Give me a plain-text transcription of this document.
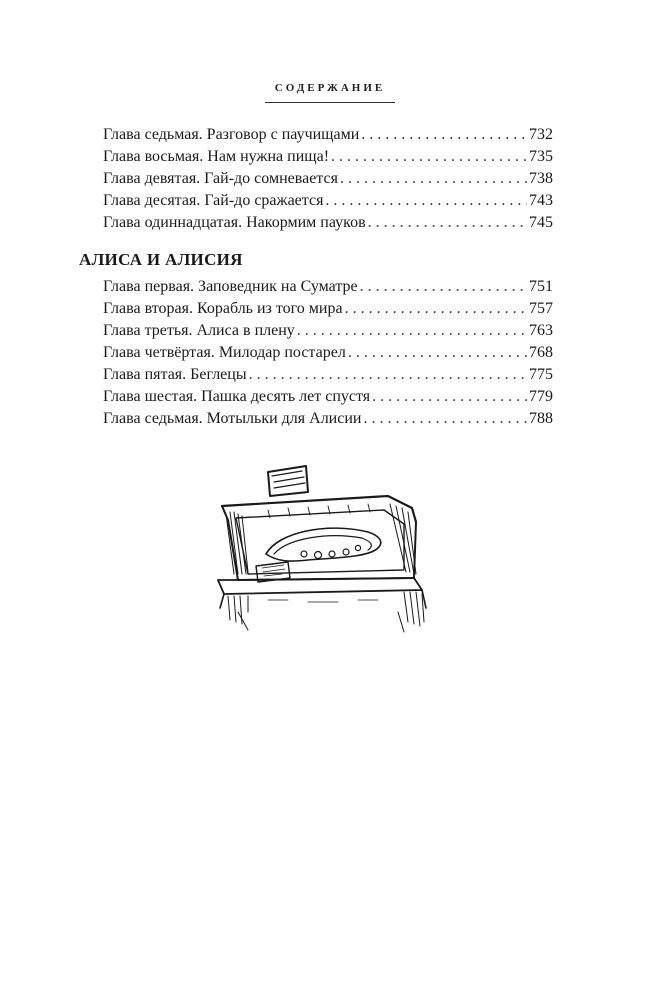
СОДЕРЖАНИЕ
Глава седьмая. Разговор с паучищами . . .	732
Глава восьмая. Нам нужна пища! . . .	735
Глава девятая. Гай-до сомневается . . .	738
Глава десятая. Гай-до сражается . . .	743
Глава одиннадцатая. Накормим пауков . . .	745
АЛИСА И АЛИСИЯ
Глава первая. Заповедник на Суматре . . .	751
Глава вторая. Корабль из того мира . . .	757
Глава третья. Алиса в плену . . .	763
Глава четвёртая. Милодар постарел . . .	768
Глава пятая. Беглецы . . .	775
Глава шестая. Пашка десять лет спустя . . .	779
Глава седьмая. Мотыльки для Алисии . . .	788
